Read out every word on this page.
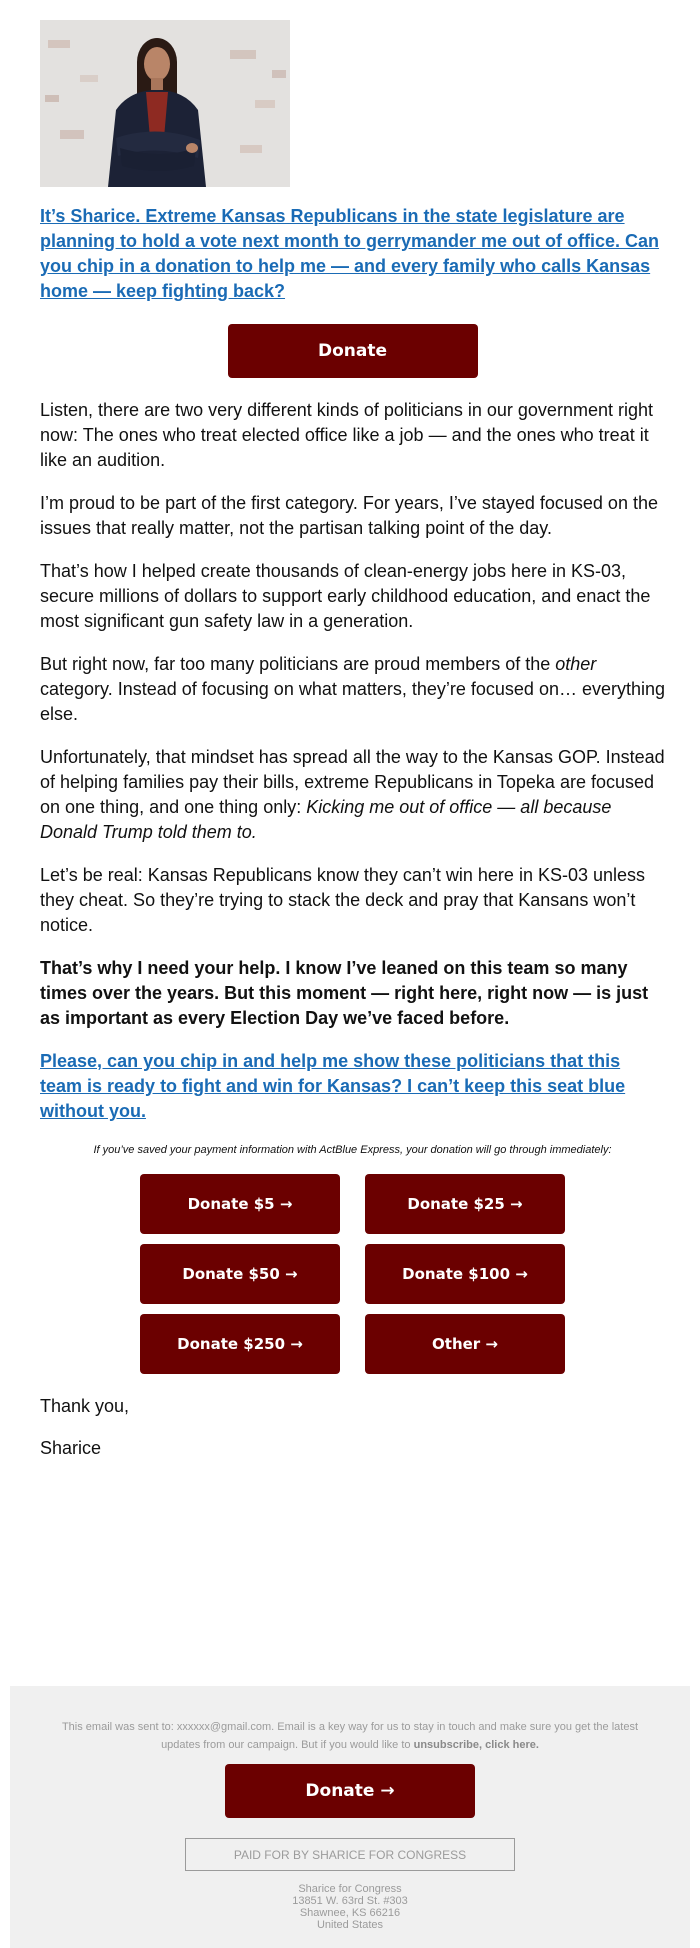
It’s Sharice. Extreme Kansas Republicans in the state legislature are planning to hold a vote next month to gerrymander me out of office. Can you chip in a donation to help me — and every family who calls Kansas home — keep fighting back?
Donate

Listen, there are two very different kinds of politicians in our government right now: The ones who treat elected office like a job — and the ones who treat it like an audition.

I’m proud to be part of the first category. For years, I’ve stayed focused on the issues that really matter, not the partisan talking point of the day.

That’s how I helped create thousands of clean-energy jobs here in KS-03, secure millions of dollars to support early childhood education, and enact the most significant gun safety law in a generation.

But right now, far too many politicians are proud members of the other category. Instead of focusing on what matters, they’re focused on… everything else.

Unfortunately, that mindset has spread all the way to the Kansas GOP. Instead of helping families pay their bills, extreme Republicans in Topeka are focused on one thing, and one thing only: Kicking me out of office — all because Donald Trump told them to.

Let’s be real: Kansas Republicans know they can’t win here in KS-03 unless they cheat. So they’re trying to stack the deck and pray that Kansans won’t notice.

That’s why I need your help. I know I’ve leaned on this team so many times over the years. But this moment — right here, right now — is just as important as every Election Day we’ve faced before.

Please, can you chip in and help me show these politicians that this team is ready to fight and win for Kansas? I can’t keep this seat blue without you.

If you’ve saved your payment information with ActBlue Express, your donation will go through immediately:

Donate $5 →	Donate $25 →
Donate $50 →	Donate $100 →
Donate $250 →	Other →

Thank you,

Sharice

This email was sent to: xxxxxx@gmail.com. Email is a key way for us to stay in touch and make sure you get the latest updates from our campaign. But if you would like to unsubscribe, click here.
Donate →
PAID FOR BY SHARICE FOR CONGRESS
Sharice for Congress
13851 W. 63rd St. #303
Shawnee, KS 66216
United States
